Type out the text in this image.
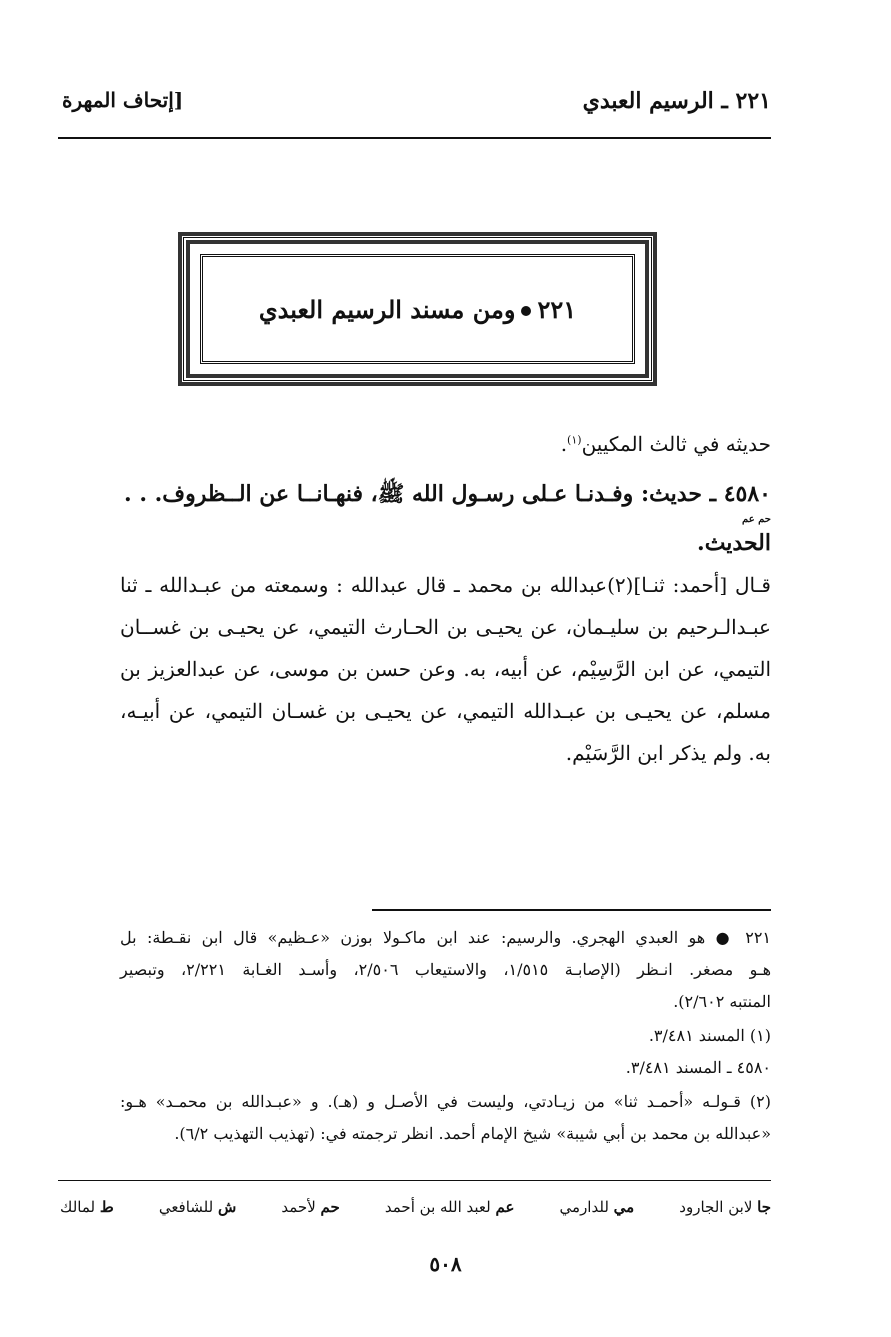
٢٢١ ـ الرسيم العبدي
[إتحاف المهرة
٢٢١ومن مسند الرسيم العبدي
حديثه في ثالث المكيين$^{(١)}$.
٤٥٨٠ ـ حديث: وفـدنـا عـلى رسـول الله ﷺ، فنهـانــا عن الــظروف. . .
حم عم
الحديث.
قـال [أحمد: ثنـا](٢)عبدالله بن محمد ـ قال عبدالله : وسمعته من عبـدالله ـ ثنا
عبـدالـرحيم بن سليـمان، عن يحيـى بن الحـارث التيمي، عن يحيـى بن غســان
التيمي، عن ابن الرَّسِيْم، عن أبيه، به. وعن حسن بن موسى، عن عبدالعزيز بن
مسلم، عن يحيـى بن عبـدالله التيمي، عن يحيـى بن غسـان التيمي، عن أبيـه،
به. ولم يذكر ابن الرَّسَيْم.
٢٢١ ● هو العبدي الهجري. والرسيم: عند ابن ماكـولا بوزن «عـظيم» قال ابن نقـطة: بل
هـو مصغر. انـظر (الإصابـة ١/٥١٥، والاستيعاب ٢/٥٠٦، وأسـد الغـابة ٢/٢٢١، وتبصير
المنتبه ٢/٦٠٢).
(١) المسند ٣/٤٨١.
٤٥٨٠ ـ المسند ٣/٤٨١.
(٢) قـولـه «أحمـد ثنا» من زيـادتي، وليست في الأصـل و (هـ). و «عبـدالله بن محمـد» هـو:
«عبدالله بن محمد بن أبي شيبة» شيخ الإمام أحمد. انظر ترجمته في: (تهذيب التهذيب ٦/٢).
ط لمالك	ش للشافعي	حم لأحمد	عم لعبد الله بن أحمد	مي للدارمي	جا لابن الجارود
٥٠٨
